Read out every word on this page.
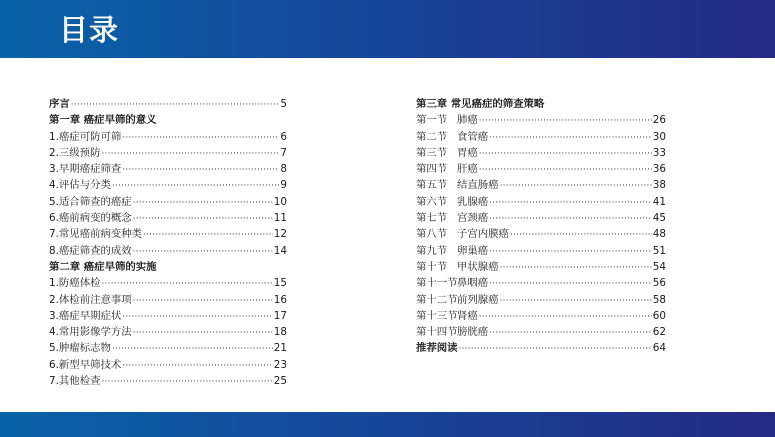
目录
序言 ·····	5
第一章 癌症早筛的意义
1.癌症可防可筛 ·····	6
2.三级预防 ·····	7
3.早期癌症筛查 ·····	8
4.评估与分类 ·····	9
5.适合筛查的癌症 ·····	10
6.癌前病变的概念 ·····	11
7.常见癌前病变种类 ·····	12
8.癌症筛查的成效 ·····	14
第二章 癌症早筛的实施
1.防癌体检 ·····	15
2.体检前注意事项 ·····	16
3.癌症早期症状 ·····	17
4.常用影像学方法 ·····	18
5.肿瘤标志物 ·····	21
6.新型早筛技术 ·····	23
7.其他检查 ·····	25
第三章 常见癌症的筛查策略
第一节 肺癌 ·····	26
第二节 食管癌 ·····	30
第三节 胃癌 ·····	33
第四节 肝癌 ·····	36
第五节 结直肠癌 ·····	38
第六节 乳腺癌 ·····	41
第七节 宫颈癌 ·····	45
第八节 子宫内膜癌 ·····	48
第九节 卵巢癌 ·····	51
第十节 甲状腺癌 ·····	54
第十一节 鼻咽癌 ·····	56
第十二节 前列腺癌 ·····	58
第十三节 肾癌 ·····	60
第十四节 膀胱癌 ·····	62
推荐阅读 ·····	64
